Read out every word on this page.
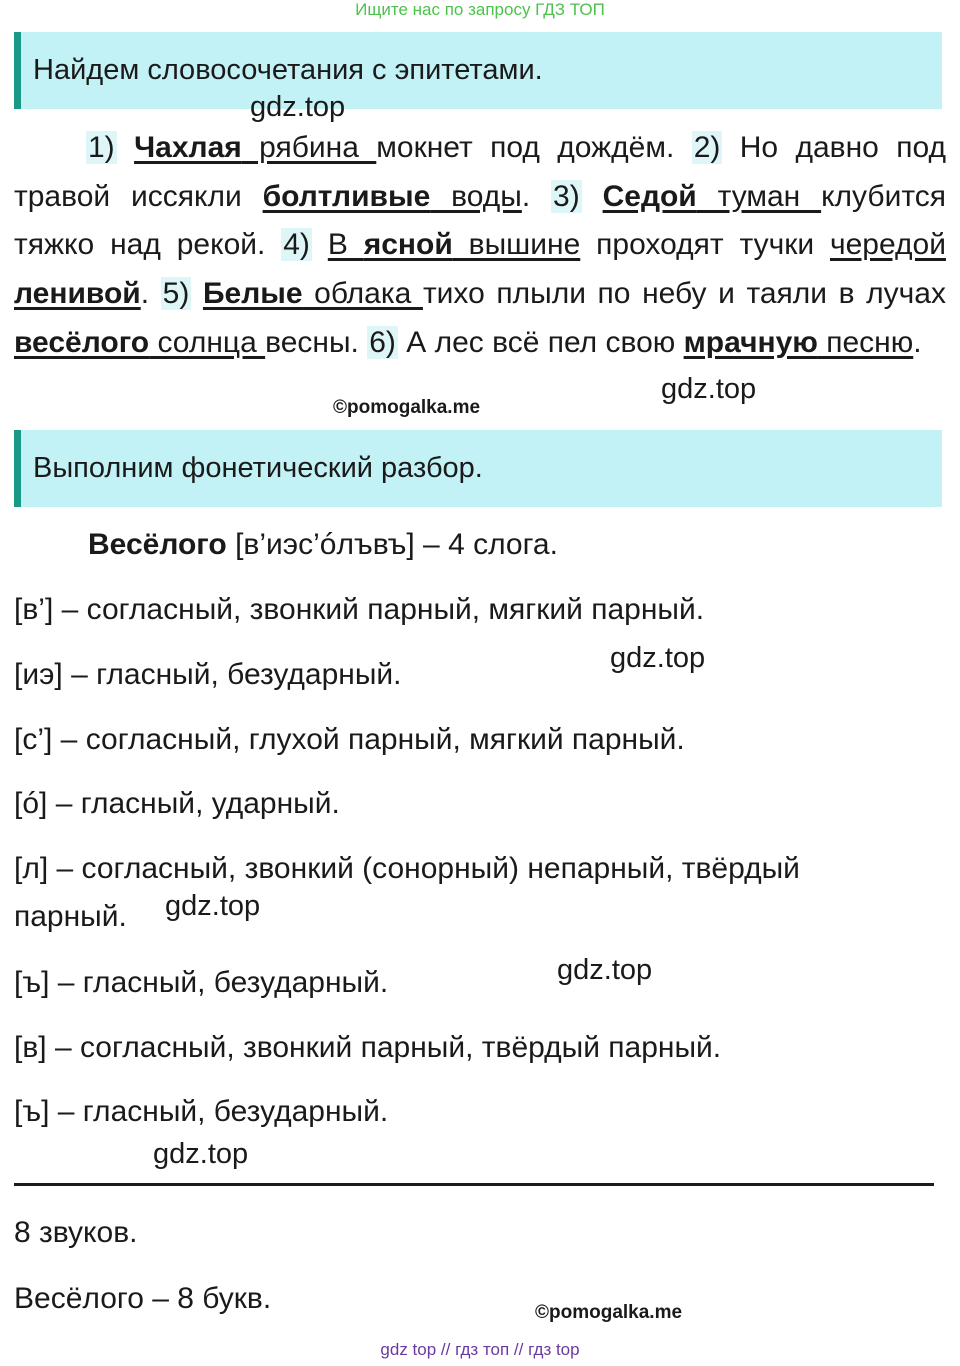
Ищите нас по запросу ГДЗ ТОП
Найдем словосочетания с эпитетами.
gdz.top
1) Чахлая рябина мокнет под дождём. 2) Но давно под травой иссякли болтливые воды. 3) Седой туман клубится тяжко над рекой. 4) В ясной вышине проходят тучки чередой ленивой. 5) Белые облака тихо плыли по небу и таяли в лучах весёлого солнца весны. 6) А лес всё пел свою мрачную песню.
©pomogalka.me
gdz.top
Выполним фонетический разбор.
Весёлого [в’иэс’óлъвъ] – 4 слога.
[в’] – согласный, звонкий парный, мягкий парный.
[иэ] – гласный, безударный.	gdz.top
[с’] – согласный, глухой парный, мягкий парный.
[ó] – гласный, ударный.
[л] – согласный, звонкий (сонорный) непарный, твёрдый
парный. gdz.top
[ъ] – гласный, безударный.	gdz.top
[в] – согласный, звонкий парный, твёрдый парный.
[ъ] – гласный, безударный.
gdz.top
8 звуков.
Весёлого – 8 букв.	©pomogalka.me
gdz top // гдз топ // гдз top
